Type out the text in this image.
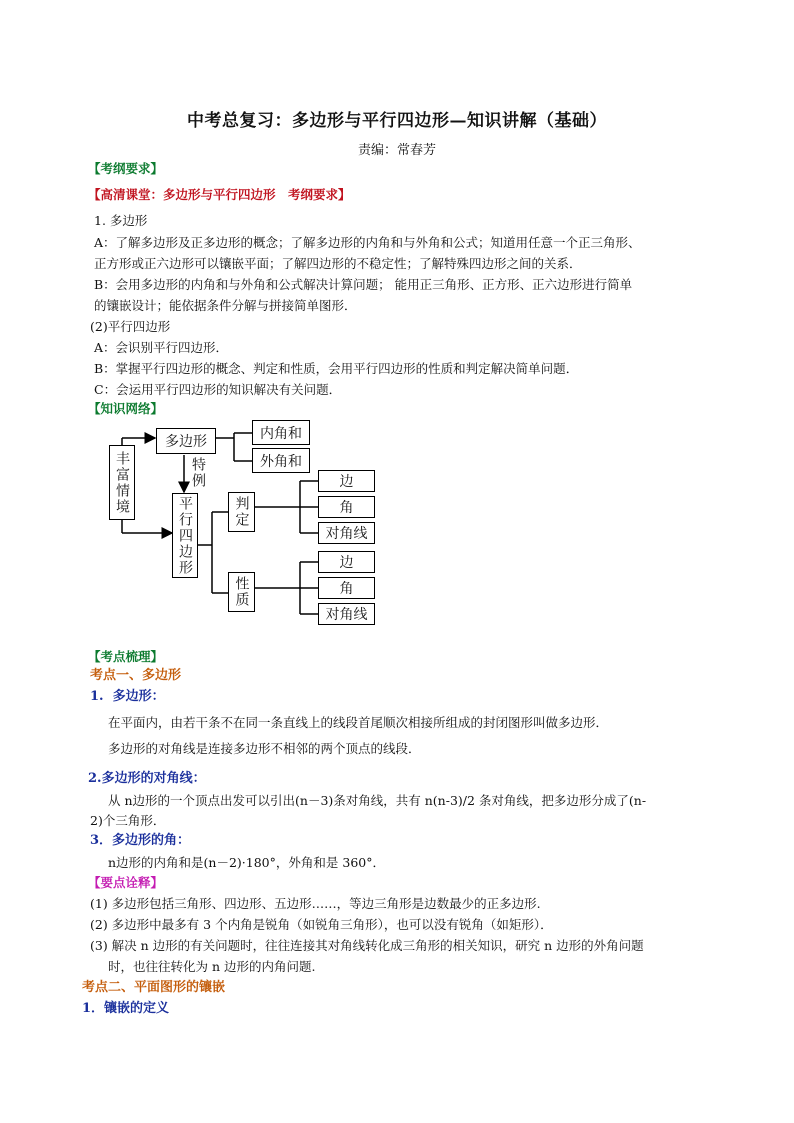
中考总复习：多边形与平行四边形—知识讲解（基础）
责编：常春芳
【考纲要求】
【高清课堂：多边形与平行四边形　考纲要求】
1. 多边形
A：了解多边形及正多边形的概念；了解多边形的内角和与外角和公式；知道用任意一个正三角形、
正方形或正六边形可以镶嵌平面；了解四边形的不稳定性；了解特殊四边形之间的关系．
B：会用多边形的内角和与外角和公式解决计算问题； 能用正三角形、正方形、正六边形进行简单
的镶嵌设计；能依据条件分解与拼接简单图形．
(2)平行四边形
A：会识别平行四边形．
B：掌握平行四边形的概念、判定和性质，会用平行四边形的性质和判定解决简单问题．
C：会运用平行四边形的知识解决有关问题．
【知识网络】
丰富情境
多边形
内角和
外角和
特例
平行四边形	判定
性质
边
角
对角线
边
角
对角线
【考点梳理】
考点一、多边形
1. 多边形：
在平面内，由若干条不在同一条直线上的线段首尾顺次相接所组成的封闭图形叫做多边形．
多边形的对角线是连接多边形不相邻的两个顶点的线段．
2.多边形的对角线：
从 n边形的一个顶点出发可以引出(n－3)条对角线，共有 n(n-3)/2 条对角线，把多边形分成了(n-
2)个三角形．
3．多边形的角：
n边形的内角和是(n－2)·180°，外角和是 360°．
【要点诠释】
(1) 多边形包括三角形、四边形、五边形……，等边三角形是边数最少的正多边形.
(2) 多边形中最多有 3 个内角是锐角（如锐角三角形），也可以没有锐角（如矩形）．
(3) 解决 n 边形的有关问题时，往往连接其对角线转化成三角形的相关知识，研究 n 边形的外角问题
时，也往往转化为 n 边形的内角问题.
考点二、平面图形的镶嵌
1．镶嵌的定义
